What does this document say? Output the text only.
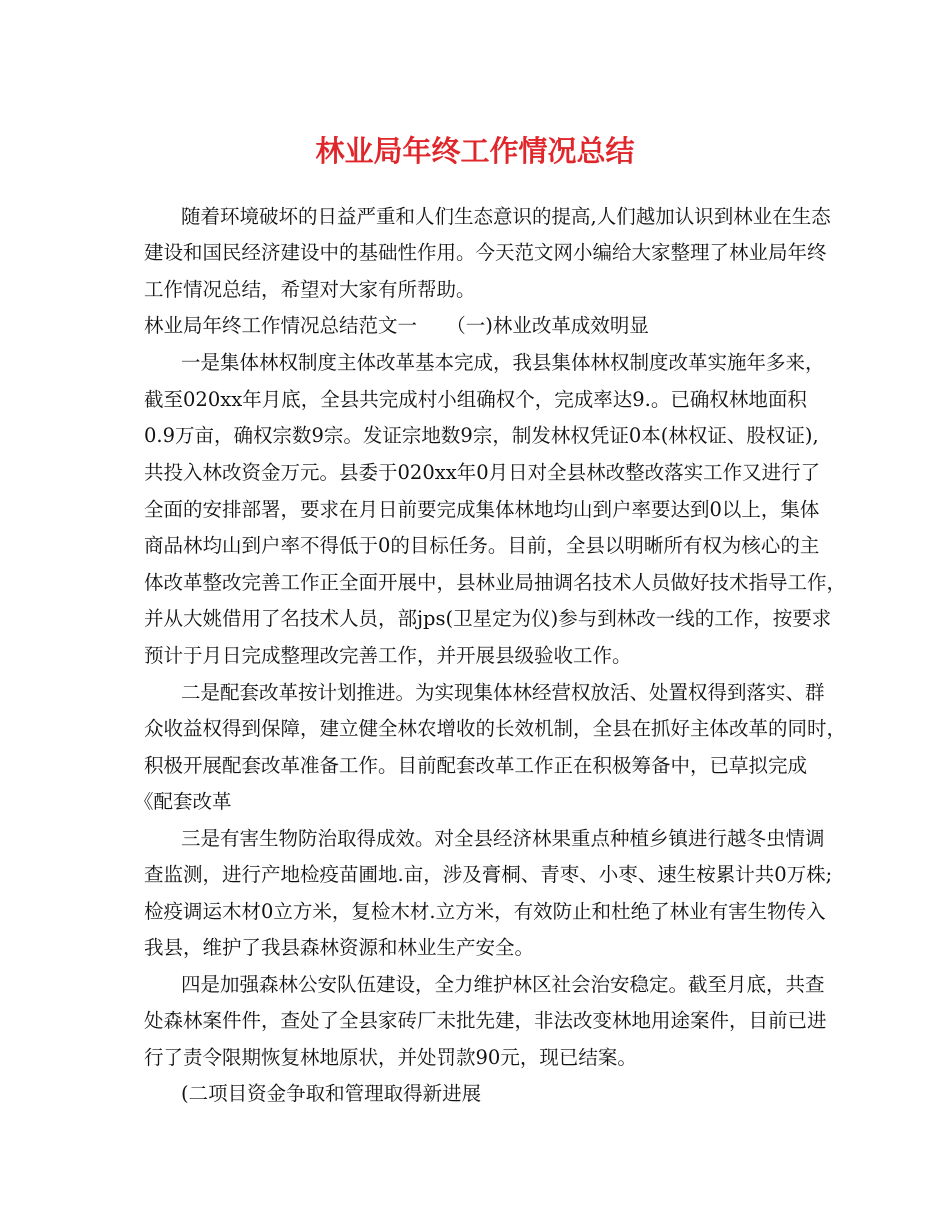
林业局年终工作情况总结
随着环境破坏的日益严重和人们生态意识的提高,人们越加认识到林业在生态
建设和国民经济建设中的基础性作用。今天范文网小编给大家整理了林业局年终
工作情况总结，希望对大家有所帮助。
林业局年终工作情况总结范文一　　（一)林业改革成效明显
一是集体林权制度主体改革基本完成，我县集体林权制度改革实施年多来，
截至020xx年月底，全县共完成村小组确权个，完成率达9.。已确权林地面积
0.9万亩，确权宗数9宗。发证宗地数9宗，制发林权凭证0本(林权证、股权证),
共投入林改资金万元。县委于020xx年0月日对全县林改整改落实工作又进行了
全面的安排部署，要求在月日前要完成集体林地均山到户率要达到0以上，集体
商品林均山到户率不得低于0的目标任务。目前，全县以明晰所有权为核心的主
体改革整改完善工作正全面开展中，县林业局抽调名技术人员做好技术指导工作，
并从大姚借用了名技术人员，部jps(卫星定为仪)参与到林改一线的工作，按要求
预计于月日完成整理改完善工作，并开展县级验收工作。
二是配套改革按计划推进。为实现集体林经营权放活、处置权得到落实、群
众收益权得到保障，建立健全林农增收的长效机制，全县在抓好主体改革的同时，
积极开展配套改革准备工作。目前配套改革工作正在积极筹备中，已草拟完成
《配套改革
三是有害生物防治取得成效。对全县经济林果重点种植乡镇进行越冬虫情调
查监测，进行产地检疫苗圃地.亩，涉及膏桐、青枣、小枣、速生桉累计共0万株;
检疫调运木材0立方米，复检木材.立方米，有效防止和杜绝了林业有害生物传入
我县，维护了我县森林资源和林业生产安全。
四是加强森林公安队伍建设，全力维护林区社会治安稳定。截至月底，共查
处森林案件件，查处了全县家砖厂未批先建，非法改变林地用途案件，目前已进
行了责令限期恢复林地原状，并处罚款90元，现已结案。
(二项目资金争取和管理取得新进展
